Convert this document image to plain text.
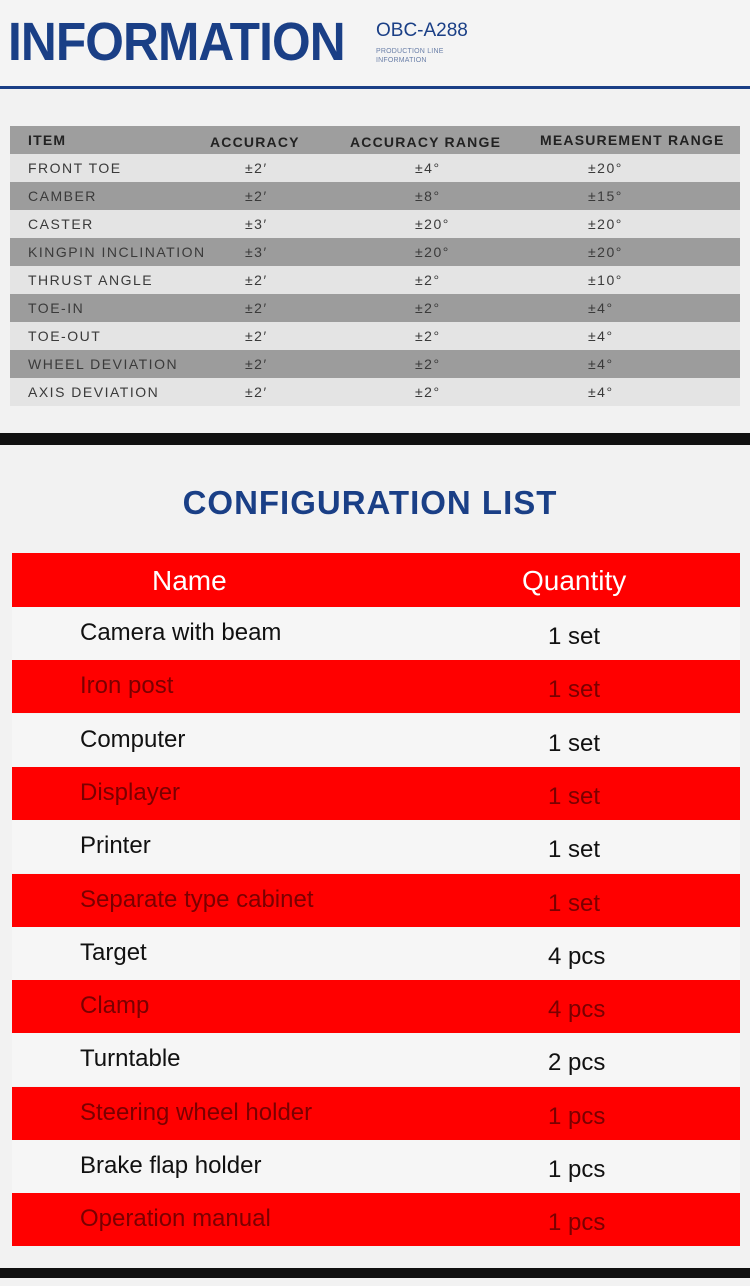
INFORMATION OBC-A288
PRODUCTION LINE
INFORMATION
ITEM	ACCURACY	ACCURACY RANGE	MEASUREMENT RANGE
FRONT TOE	±2′	±4°	±20°
CAMBER	±2′	±8°	±15°
CASTER	±3′	±20°	±20°
KINGPIN INCLINATION	±3′	±20°	±20°
THRUST ANGLE	±2′	±2°	±10°
TOE-IN	±2′	±2°	±4°
TOE-OUT	±2′	±2°	±4°
WHEEL DEVIATION	±2′	±2°	±4°
AXIS DEVIATION	±2′	±2°	±4°
CONFIGURATION LIST
Name	Quantity
Camera with beam	1 set
Iron post	1 set
Computer	1 set
Displayer	1 set
Printer	1 set
Separate type cabinet	1 set
Target	4 pcs
Clamp	4 pcs
Turntable	2 pcs
Steering wheel holder	1 pcs
Brake flap holder	1 pcs
Operation manual	1 pcs
